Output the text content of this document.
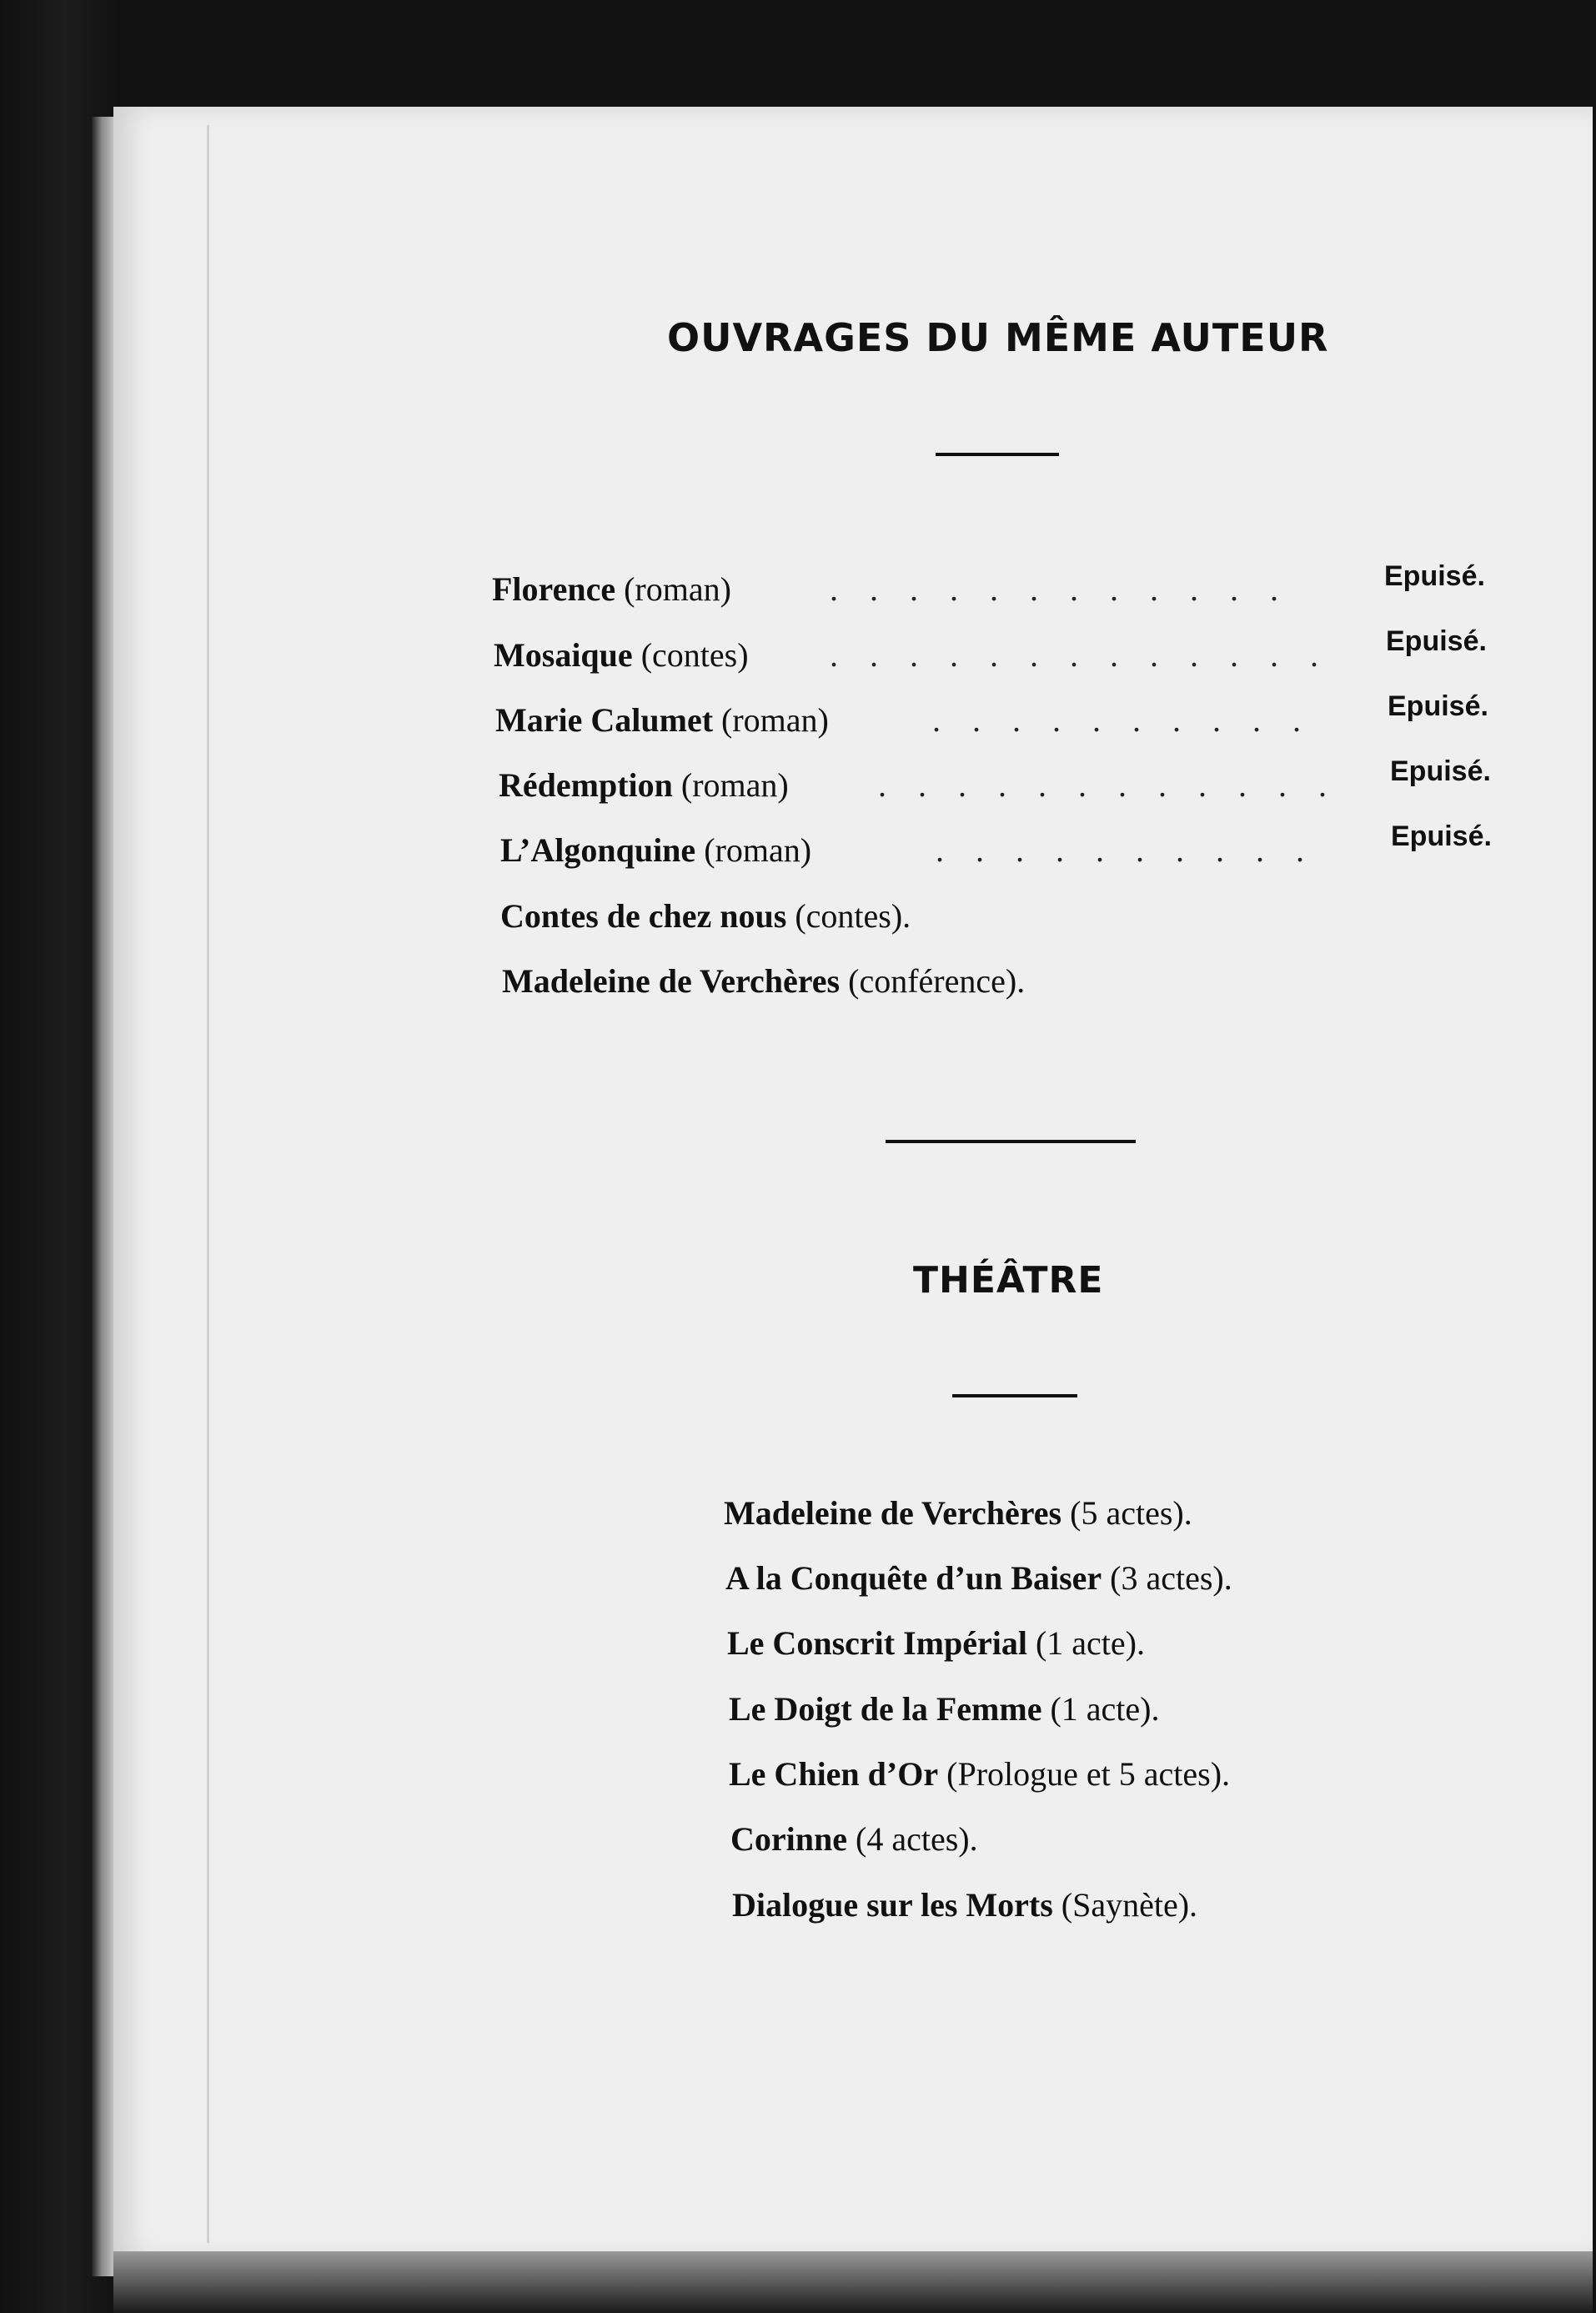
OUVRAGES DU MÊME AUTEUR
Florence (roman)	. . . . . . . . . . . .	Epuisé.
Mosaique (contes) . . . . . . . . . . . . . Epuisé.
Marie Calumet (roman)	. . . . . . . . . .	Epuisé.
Rédemption (roman)	. . . . . . . . . . . . Epuisé.
L’Algonquine (roman)	. . . . . . . . . .	Epuisé.
Contes de chez nous (contes).
Madeleine de Verchères (conférence).
THÉÂTRE
Madeleine de Verchères (5 actes).
A la Conquête d’un Baiser (3 actes).
Le Conscrit Impérial (1 acte).
Le Doigt de la Femme (1 acte).
Le Chien d’Or (Prologue et 5 actes).
Corinne (4 actes).
Dialogue sur les Morts (Saynète).
